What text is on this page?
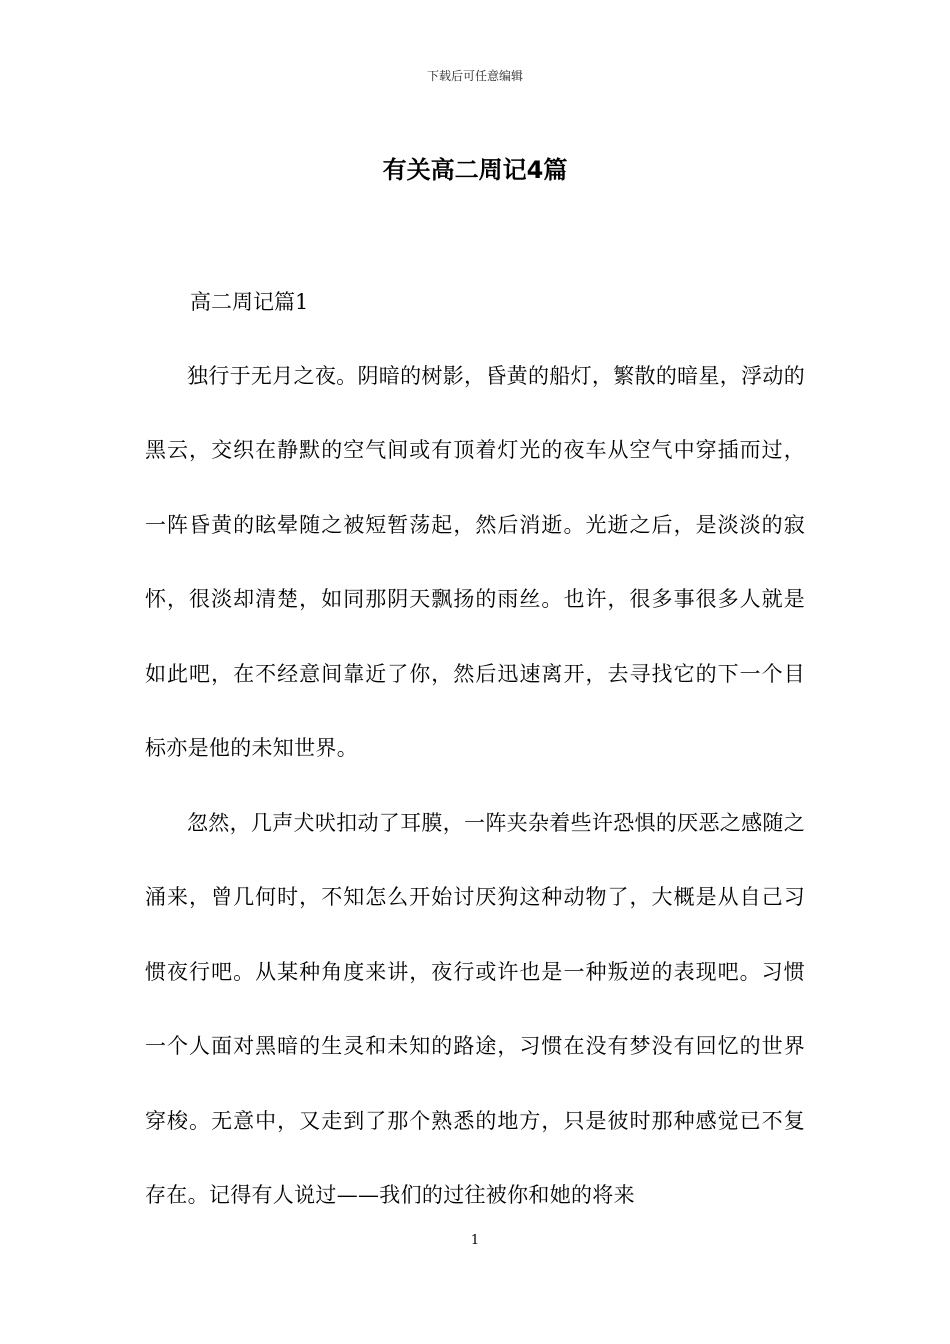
下载后可任意编辑
有关高二周记4篇
高二周记篇1

独行于无月之夜。阴暗的树影，昏黄的船灯，繁散的暗星，浮动的黑云，交织在静默的空气间或有顶着灯光的夜车从空气中穿插而过，一阵昏黄的眩晕随之被短暂荡起，然后消逝。光逝之后，是淡淡的寂怀，很淡却清楚，如同那阴天飘扬的雨丝。也许，很多事很多人就是如此吧，在不经意间靠近了你，然后迅速离开，去寻找它的下一个目标亦是他的未知世界。

忽然，几声犬吠扣动了耳膜，一阵夹杂着些许恐惧的厌恶之感随之涌来，曾几何时，不知怎么开始讨厌狗这种动物了，大概是从自己习惯夜行吧。从某种角度来讲，夜行或许也是一种叛逆的表现吧。习惯一个人面对黑暗的生灵和未知的路途，习惯在没有梦没有回忆的世界穿梭。无意中，又走到了那个熟悉的地方，只是彼时那种感觉已不复存在。记得有人说过——我们的过往被你和她的将来

1
